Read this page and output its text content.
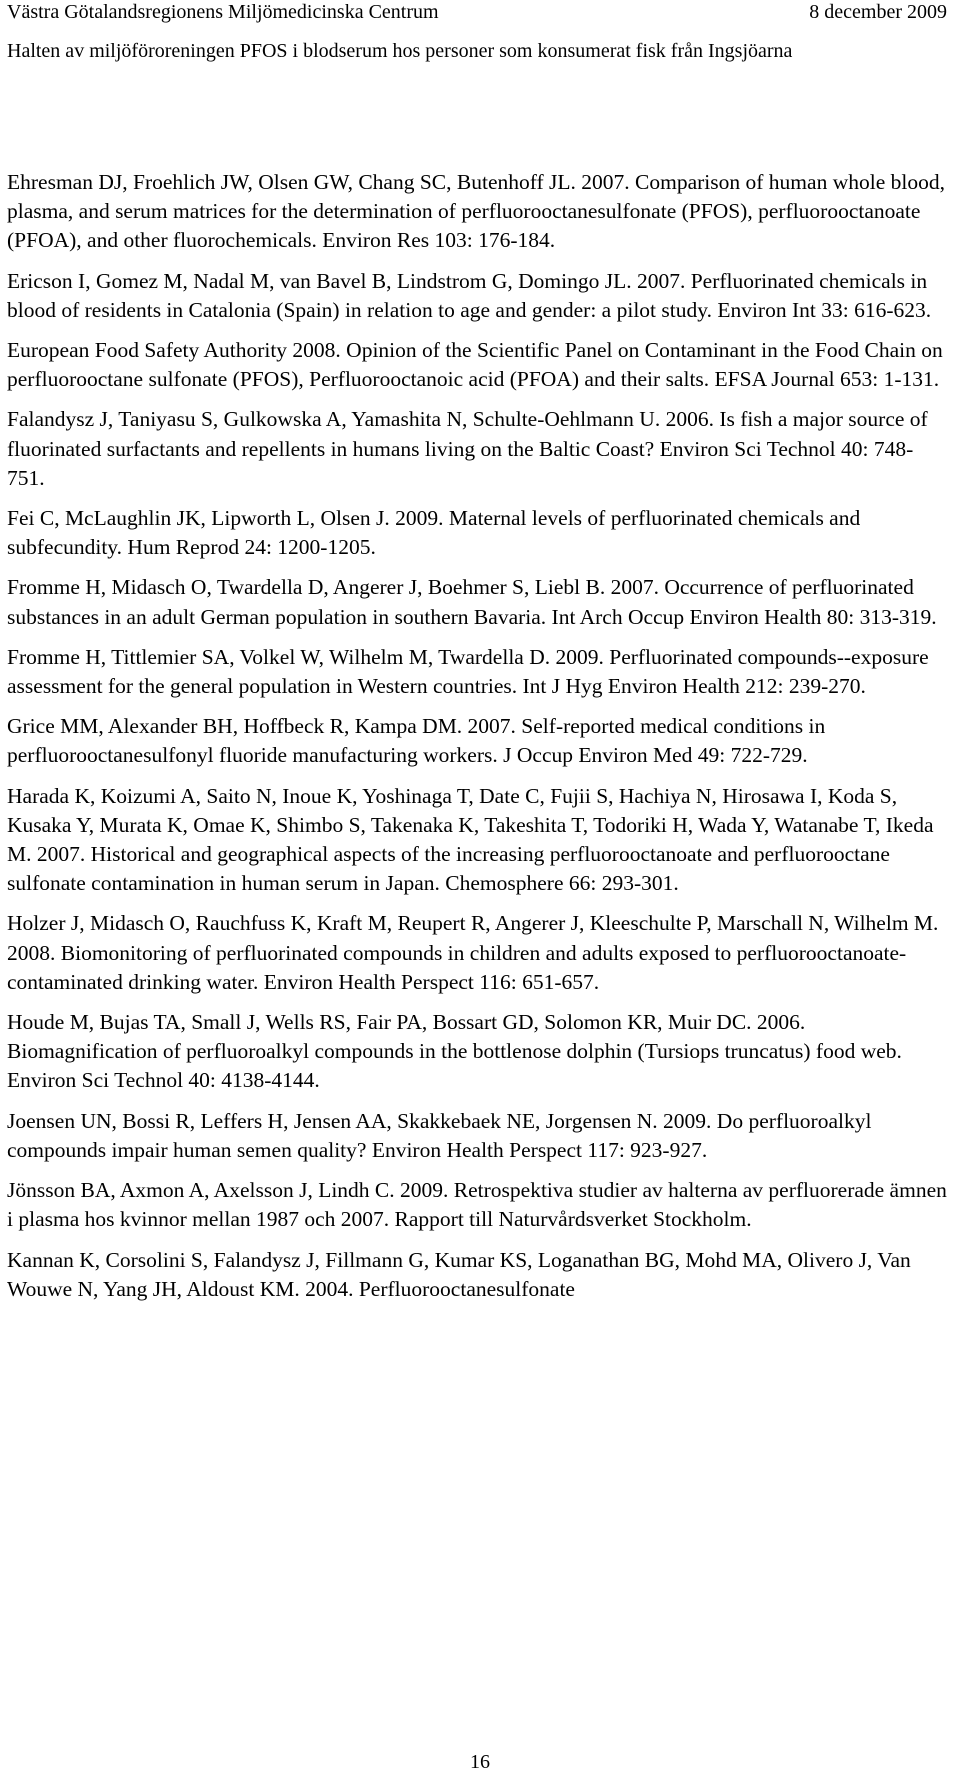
Västra Götalandsregionens Miljömedicinska Centrum	8 december 2009
Halten av miljöföroreningen PFOS i blodserum hos personer som konsumerat fisk från Ingsjöarna

Ehresman DJ, Froehlich JW, Olsen GW, Chang SC, Butenhoff JL. 2007. Comparison of human whole blood, plasma, and serum matrices for the determination of perfluorooctanesulfonate (PFOS), perfluorooctanoate (PFOA), and other fluorochemicals. Environ Res 103: 176-184.

Ericson I, Gomez M, Nadal M, van Bavel B, Lindstrom G, Domingo JL. 2007. Perfluorinated chemicals in blood of residents in Catalonia (Spain) in relation to age and gender: a pilot study. Environ Int 33: 616-623.

European Food Safety Authority 2008. Opinion of the Scientific Panel on Contaminant in the Food Chain on perfluorooctane sulfonate (PFOS), Perfluorooctanoic acid (PFOA) and their salts. EFSA Journal 653: 1-131.

Falandysz J, Taniyasu S, Gulkowska A, Yamashita N, Schulte-Oehlmann U. 2006. Is fish a major source of fluorinated surfactants and repellents in humans living on the Baltic Coast? Environ Sci Technol 40: 748-751.

Fei C, McLaughlin JK, Lipworth L, Olsen J. 2009. Maternal levels of perfluorinated chemicals and subfecundity. Hum Reprod 24: 1200-1205.

Fromme H, Midasch O, Twardella D, Angerer J, Boehmer S, Liebl B. 2007. Occurrence of perfluorinated substances in an adult German population in southern Bavaria. Int Arch Occup Environ Health 80: 313-319.

Fromme H, Tittlemier SA, Volkel W, Wilhelm M, Twardella D. 2009. Perfluorinated compounds--exposure assessment for the general population in Western countries. Int J Hyg Environ Health 212: 239-270.

Grice MM, Alexander BH, Hoffbeck R, Kampa DM. 2007. Self-reported medical conditions in perfluorooctanesulfonyl fluoride manufacturing workers. J Occup Environ Med 49: 722-729.

Harada K, Koizumi A, Saito N, Inoue K, Yoshinaga T, Date C, Fujii S, Hachiya N, Hirosawa I, Koda S, Kusaka Y, Murata K, Omae K, Shimbo S, Takenaka K, Takeshita T, Todoriki H, Wada Y, Watanabe T, Ikeda M. 2007. Historical and geographical aspects of the increasing perfluorooctanoate and perfluorooctane sulfonate contamination in human serum in Japan. Chemosphere 66: 293-301.

Holzer J, Midasch O, Rauchfuss K, Kraft M, Reupert R, Angerer J, Kleeschulte P, Marschall N, Wilhelm M. 2008. Biomonitoring of perfluorinated compounds in children and adults exposed to perfluorooctanoate-contaminated drinking water. Environ Health Perspect 116: 651-657.

Houde M, Bujas TA, Small J, Wells RS, Fair PA, Bossart GD, Solomon KR, Muir DC. 2006. Biomagnification of perfluoroalkyl compounds in the bottlenose dolphin (Tursiops truncatus) food web. Environ Sci Technol 40: 4138-4144.

Joensen UN, Bossi R, Leffers H, Jensen AA, Skakkebaek NE, Jorgensen N. 2009. Do perfluoroalkyl compounds impair human semen quality? Environ Health Perspect 117: 923-927.

Jönsson BA, Axmon A, Axelsson J, Lindh C. 2009. Retrospektiva studier av halterna av perfluorerade ämnen i plasma hos kvinnor mellan 1987 och 2007. Rapport till Naturvårdsverket Stockholm.

Kannan K, Corsolini S, Falandysz J, Fillmann G, Kumar KS, Loganathan BG, Mohd MA, Olivero J, Van Wouwe N, Yang JH, Aldoust KM. 2004. Perfluorooctanesulfonate

16
